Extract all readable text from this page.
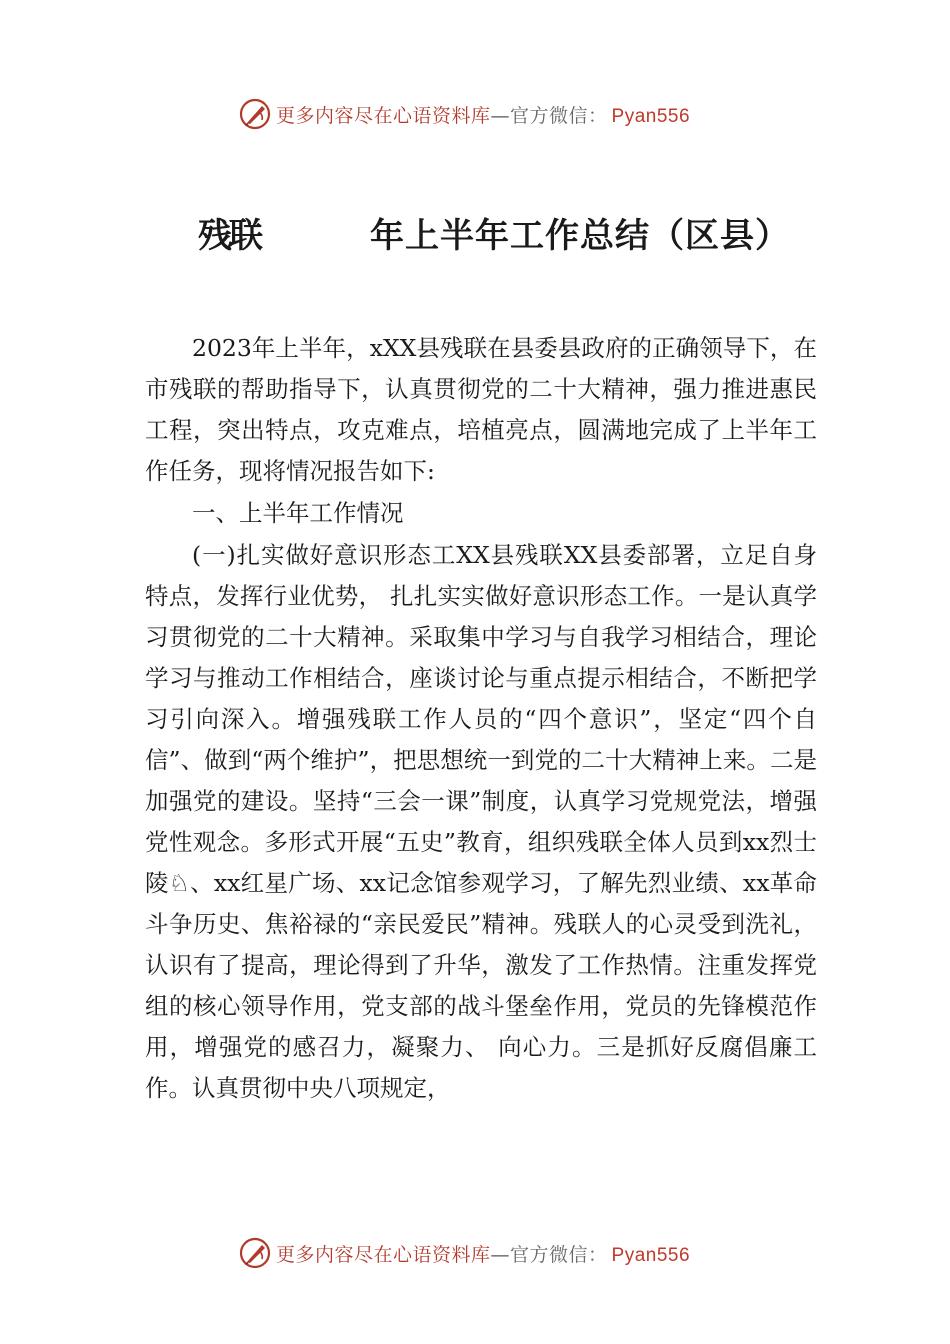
更多内容尽在心语资料库—官方微信： Pyan556
残联	年上半年工作总结（区县）

2023年上半年，xXX县残联在县委县政府的正确领导下，在市残联的帮助指导下，认真贯彻党的二十大精神，强力推进惠民工程，突出特点，攻克难点，培植亮点，圆满地完成了上半年工作任务，现将情况报告如下:

一、上半年工作情况

(一)扎实做好意识形态工XX县残联XX县委部署，立足自身特点，发挥行业优势， 扎扎实实做好意识形态工作。一是认真学习贯彻党的二十大精神。采取集中学习与自我学习相结合，理论学习与推动工作相结合，座谈讨论与重点提示相结合，不断把学习引向深入。增强残联工作人员的“四个意识”，坚定“四个自信”、做到“两个维护”，把思想统一到党的二十大精神上来。二是加强党的建设。坚持“三会一课”制度，认真学习党规党法，增强党性观念。多形式开展“五史”教育，组织残联全体人员到xx烈士陵♘、xx红星广场、xx记念馆参观学习，了解先烈业绩、xx革命斗争历史、焦裕禄的“亲民爱民”精神。残联人的心灵受到洗礼，认识有了提高，理论得到了升华，激发了工作热情。注重发挥党组的核心领导作用，党支部的战斗堡垒作用，党员的先锋模范作用，增强党的感召力，凝聚力、 向心力。三是抓好反腐倡廉工作。认真贯彻中央八项规定，

更多内容尽在心语资料库—官方微信： Pyan556
